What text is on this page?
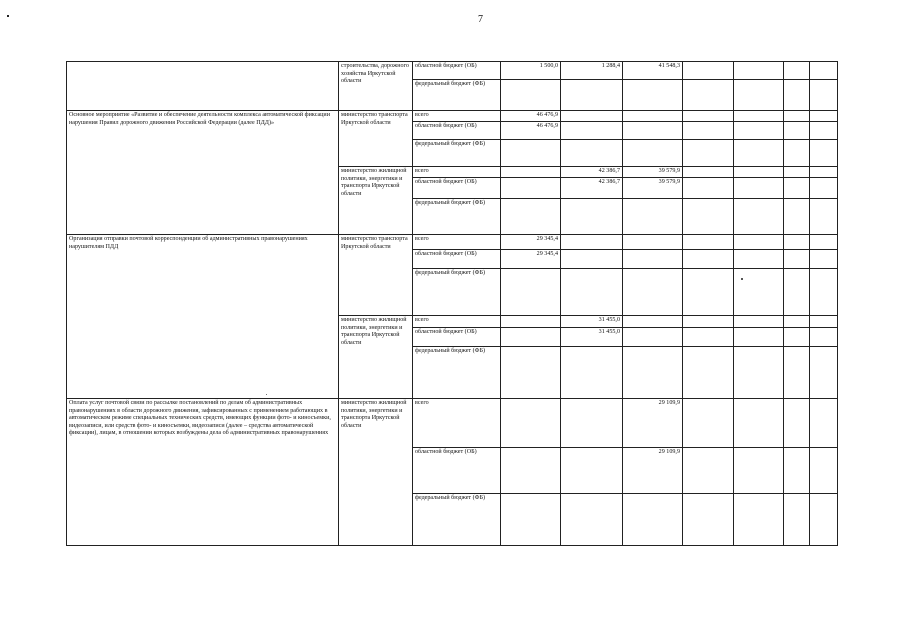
7
	строительства, дорожного хозяйства Иркутской области	областной бюджет (ОБ)	1 500,0	1 288,4	41 548,3				
		федеральный бюджет (ФБ)							
Основное мероприятие «Развитие и обеспечение деятельности комплекса автоматической фиксации нарушения Правил дорожного движения Российской Федерации (далее ПДД)»	министерство транспорта Иркутской области	всего	46 476,9						
		областной бюджет (ОБ)	46 476,9						
		федеральный бюджет (ФБ)							
	министерство жилищной политики, энергетики и транспорта Иркутской области	всего		42 386,7	39 579,9				
		областной бюджет (ОБ)		42 386,7	39 579,9				
		федеральный бюджет (ФБ)							
Организация отправки почтовой корреспонденции об административных правонарушениях нарушителям ПДД	министерство транспорта Иркутской области	всего	29 345,4						
		областной бюджет (ОБ)	29 345,4						
		федеральный бюджет (ФБ)							
	министерство жилищной политики, энергетики и транспорта Иркутской области	всего		31 455,0					
		областной бюджет (ОБ)		31 455,0					
		федеральный бюджет (ФБ)							
Оплата услуг почтовой связи по рассылке постановлений по делам об административных правонарушениях в области дорожного движения, зафиксированных с применением работающих в автоматическом режиме специальных технических средств, имеющих функции фото- и киносъемки, видеозаписи, или средств фото- и киносъемки, видеозаписи (далее – средства автоматической фиксации), лицам, в отношении которых возбуждены дела об административных правонарушениях	министерство жилищной политики, энергетики и транспорта Иркутской области	всего			29 109,9				
		областной бюджет (ОБ)			29 109,9				
		федеральный бюджет (ФБ)							
